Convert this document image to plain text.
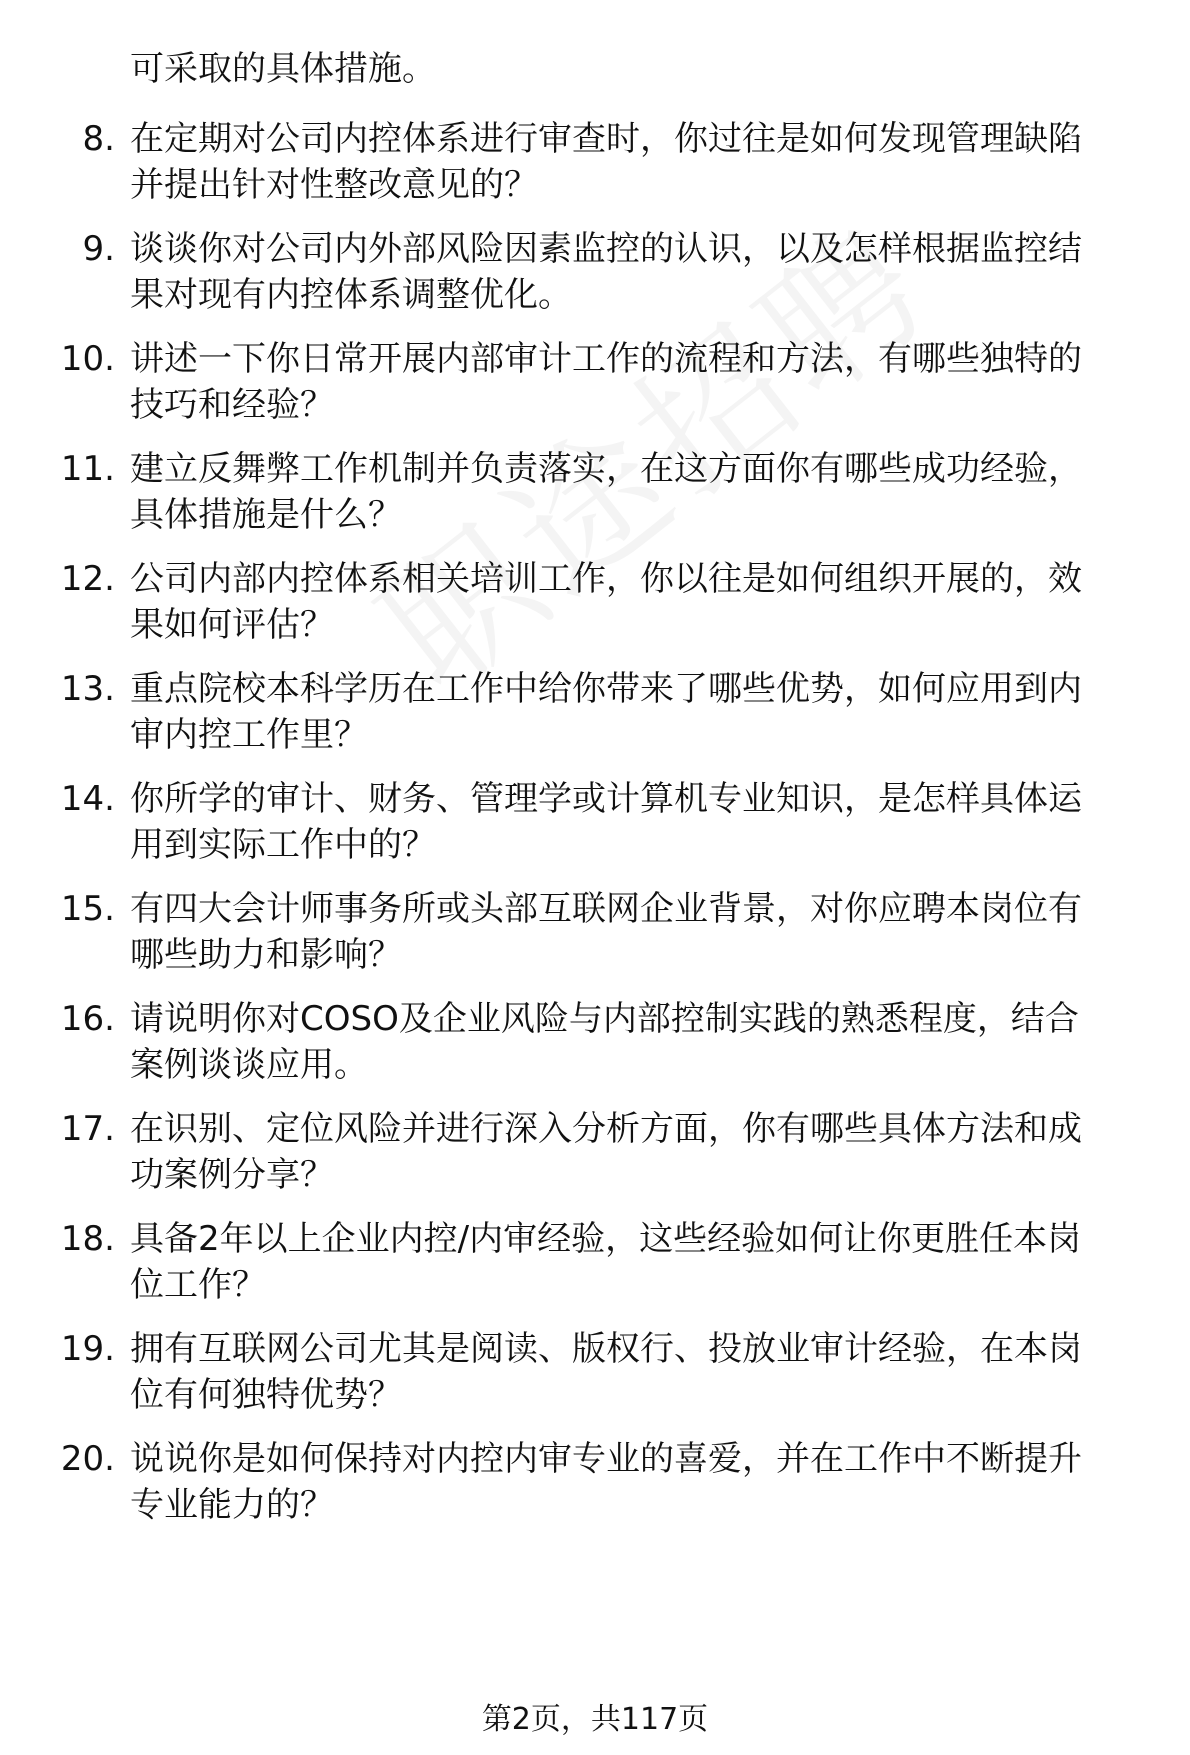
可采取的具体措施。
8. 在定期对公司内控体系进行审查时，你过往是如何发现管理缺陷
并提出针对性整改意见的？
9. 谈谈你对公司内外部风险因素监控的认识，以及怎样根据监控结
果对现有内控体系调整优化。
10. 讲述一下你日常开展内部审计工作的流程和方法，有哪些独特的
技巧和经验？
11. 建立反舞弊工作机制并负责落实，在这方面你有哪些成功经验，
具体措施是什么？
12. 公司内部内控体系相关培训工作，你以往是如何组织开展的，效
果如何评估？
13. 重点院校本科学历在工作中给你带来了哪些优势，如何应用到内
审内控工作里？
14. 你所学的审计、财务、管理学或计算机专业知识，是怎样具体运
用到实际工作中的？
15. 有四大会计师事务所或头部互联网企业背景，对你应聘本岗位有
哪些助力和影响？
16. 请说明你对COSO及企业风险与内部控制实践的熟悉程度，结合
案例谈谈应用。
17. 在识别、定位风险并进行深入分析方面，你有哪些具体方法和成
功案例分享？
18. 具备2年以上企业内控/内审经验，这些经验如何让你更胜任本岗
位工作？
19. 拥有互联网公司尤其是阅读、版权行、投放业审计经验，在本岗
位有何独特优势？
20. 说说你是如何保持对内控内审专业的喜爱，并在工作中不断提升
专业能力的？
第2页，共117页
